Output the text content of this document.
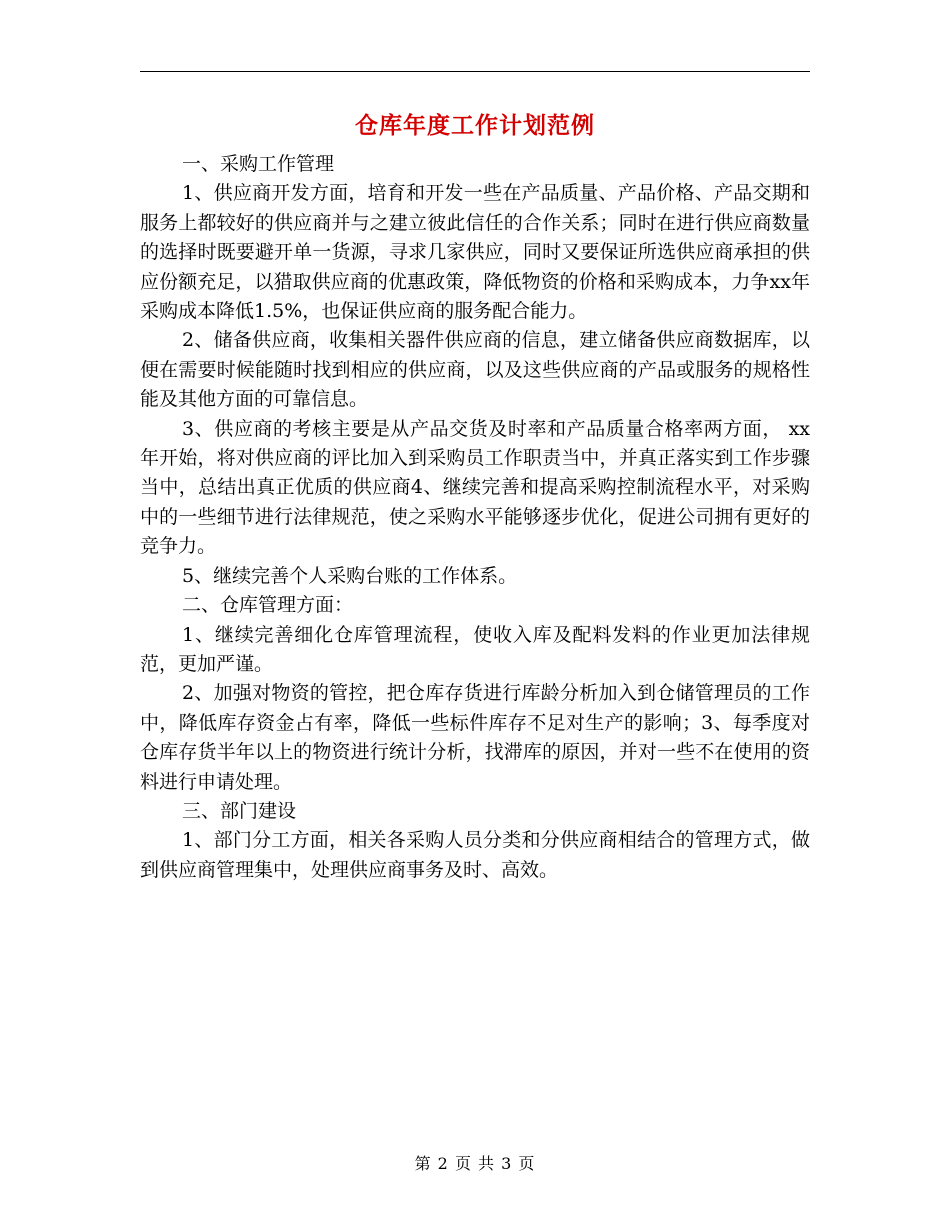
仓库年度工作计划范例

一、采购工作管理

1、供应商开发方面，培育和开发一些在产品质量、产品价格、产品交期和服务上都较好的供应商并与之建立彼此信任的合作关系；同时在进行供应商数量的选择时既要避开单一货源，寻求几家供应，同时又要保证所选供应商承担的供应份额充足，以猎取供应商的优惠政策，降低物资的价格和采购成本，力争xx年采购成本降低1.5%，也保证供应商的服务配合能力。

2、储备供应商，收集相关器件供应商的信息，建立储备供应商数据库，以便在需要时候能随时找到相应的供应商，以及这些供应商的产品或服务的规格性能及其他方面的可靠信息。

3、供应商的考核主要是从产品交货及时率和产品质量合格率两方面， xx年开始，将对供应商的评比加入到采购员工作职责当中，并真正落实到工作步骤当中，总结出真正优质的供应商4、继续完善和提高采购控制流程水平，对采购中的一些细节进行法律规范，使之采购水平能够逐步优化，促进公司拥有更好的竞争力。

5、继续完善个人采购台账的工作体系。

二、仓库管理方面：

1、继续完善细化仓库管理流程，使收入库及配料发料的作业更加法律规范，更加严谨。

2、加强对物资的管控，把仓库存货进行库龄分析加入到仓储管理员的工作中，降低库存资金占有率，降低一些标件库存不足对生产的影响；3、每季度对仓库存货半年以上的物资进行统计分析，找滞库的原因，并对一些不在使用的资料进行申请处理。

三、部门建设

1、部门分工方面，相关各采购人员分类和分供应商相结合的管理方式，做到供应商管理集中，处理供应商事务及时、高效。

第 2 页 共 3 页
